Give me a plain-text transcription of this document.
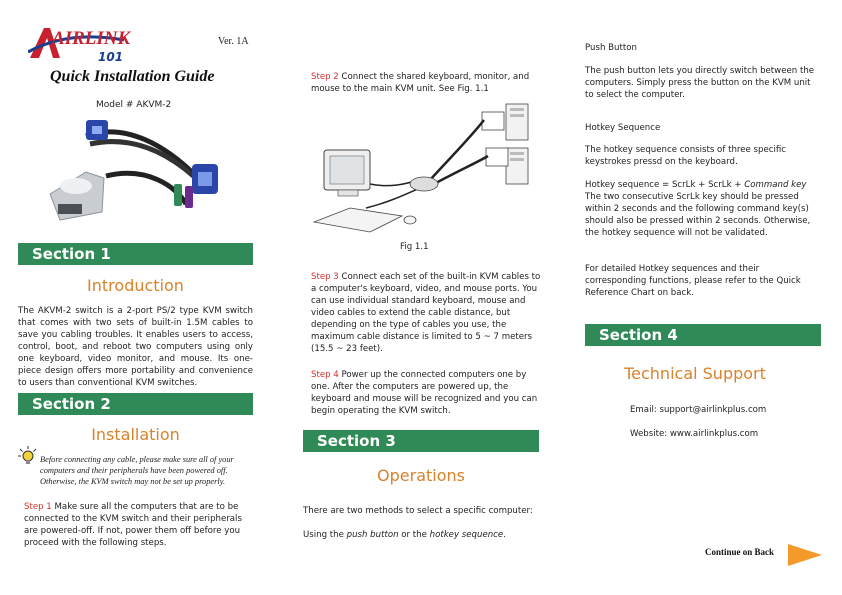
AIRLINK
101
Ver. 1A
Quick Installation Guide
Model # AKVM-2
Section 1
Introduction

The AKVM-2 switch is a 2-port PS/2 type KVM switch that comes with two sets of built-in 1.5M cables to save you cabling troubles. It enables users to access, control, boot, and reboot two computers using only one keyboard, video monitor, and mouse. Its one-piece design offers more portability and convenience to users than conventional KVM switches.

Section 2
Installation

Before connecting any cable, please make sure all of your computers and their peripherals have been powered off. Otherwise, the KVM switch may not be set up properly.

Step 1 Make sure all the computers that are to be connected to the KVM switch and their peripherals are powered-off. If not, power them off before you proceed with the following steps.

Step 2 Connect the shared keyboard, monitor, and mouse to the main KVM unit. See Fig. 1.1

Fig 1.1

Step 3 Connect each set of the built-in KVM cables to a computer's keyboard, video, and mouse ports. You can use individual standard keyboard, mouse and video cables to extend the cable distance, but depending on the type of cables you use, the maximum cable distance is limited to 5 ~ 7 meters (15.5 ~ 23 feet).

Step 4 Power up the connected computers one by one. After the computers are powered up, the keyboard and mouse will be recognized and you can begin operating the KVM switch.

Section 3
Operations

There are two methods to select a specific computer:

Using the push button or the hotkey sequence.

Push Button

The push button lets you directly switch between the computers. Simply press the button on the KVM unit to select the computer.

Hotkey Sequence

The hotkey sequence consists of three specific keystrokes pressd on the keyboard.

Hotkey sequence = ScrLk + ScrLk + Command key

The two consecutive ScrLk key should be pressed within 2 seconds and the following command key(s) should also be pressed within 2 seconds. Otherwise, the hotkey sequence will not be validated.

For detailed Hotkey sequences and their corresponding functions, please refer to the Quick Reference Chart on back.

Section 4
Technical Support
Email: support@airlinkplus.com
Website: www.airlinkplus.com
Continue on Back
